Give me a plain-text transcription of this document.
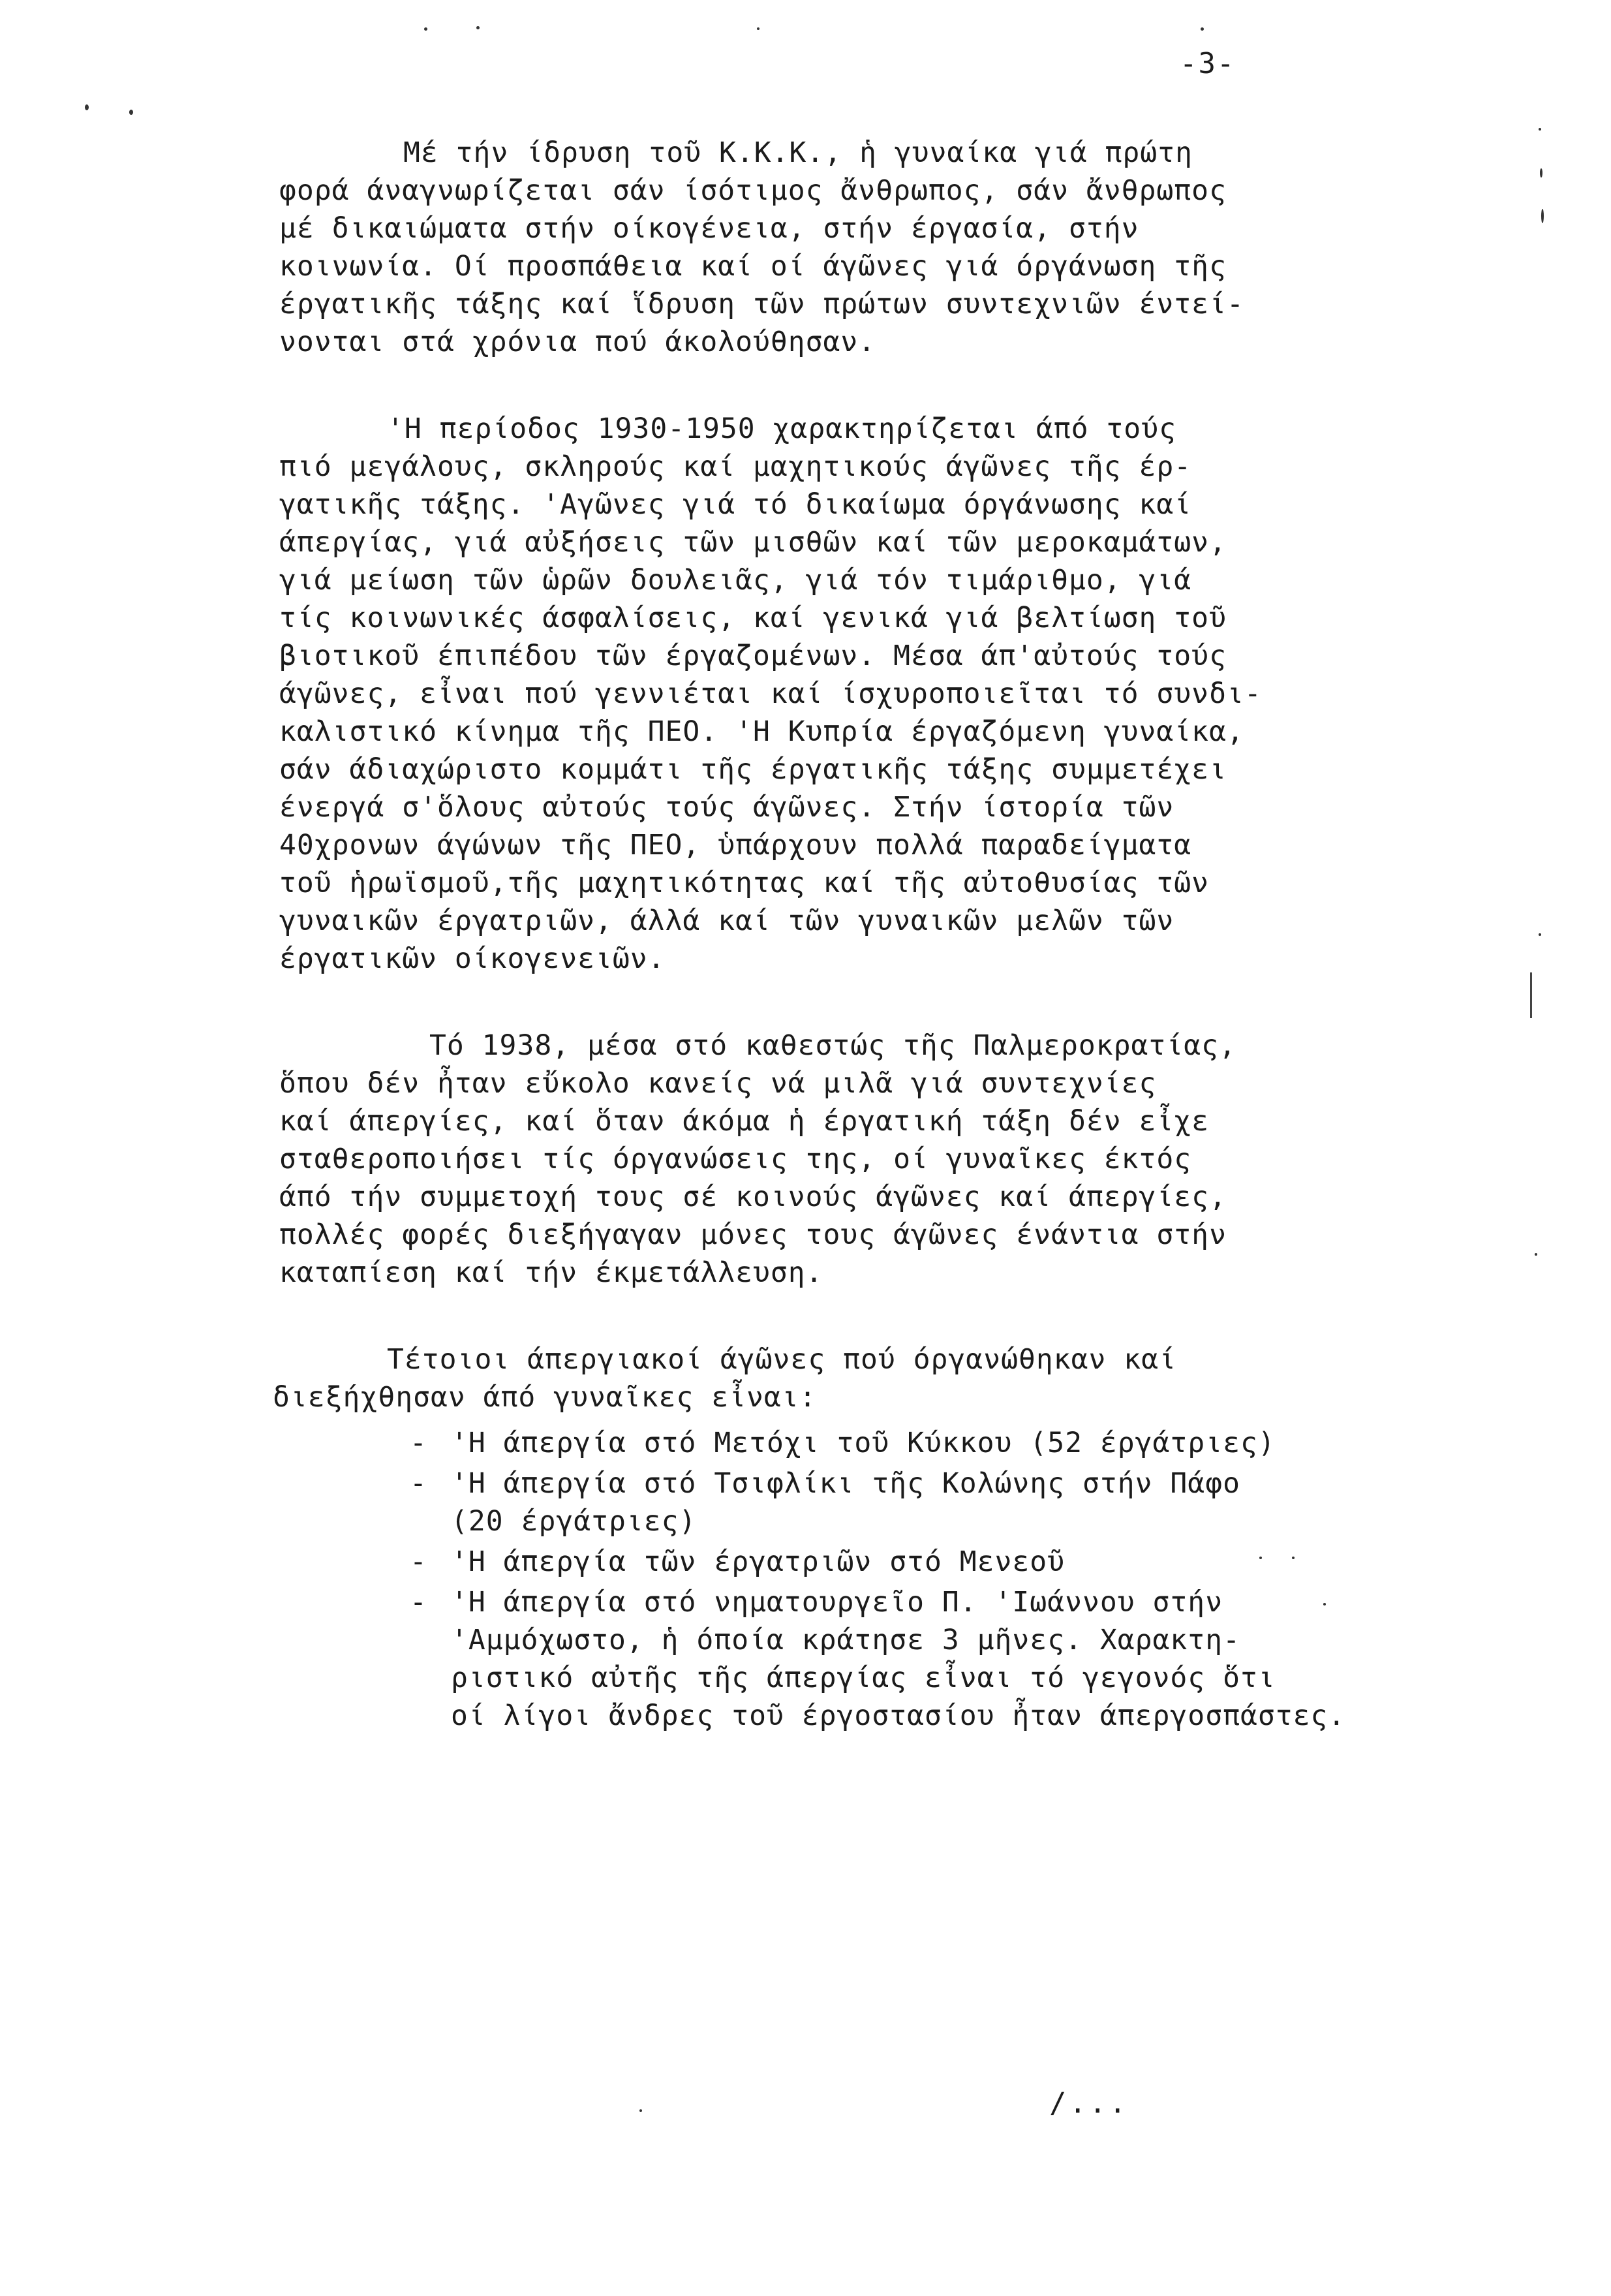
-3-
Μέ τήν ίδρυση τοῦ Κ.Κ.Κ., ἡ γυναίκα γιά πρώτη
φορά άναγνωρίζεται σάν ίσότιμος ἄνθρωπος, σάν ἄνθρωπος
μέ δικαιώματα στήν οίκογένεια, στήν έργασία, στήν
κοινωνία. Οί προσπάθεια καί οί άγῶνες γιά όργάνωση τῆς
έργατικῆς τάξης καί ἵδρυση τῶν πρώτων συντεχνιῶν έντεί-
νονται στά χρόνια πού άκολούθησαν.
'Η περίοδος 1930-1950 χαρακτηρίζεται άπό τούς
πιό μεγάλους, σκληρούς καί μαχητικούς άγῶνες τῆς έρ-
γατικῆς τάξης. 'Αγῶνες γιά τό δικαίωμα όργάνωσης καί
άπεργίας, γιά αὐξήσεις τῶν μισθῶν καί τῶν μεροκαμάτων,
γιά μείωση τῶν ὡρῶν δουλειᾶς, γιά τόν τιμάριθμο, γιά
τίς κοινωνικές άσφαλίσεις, καί γενικά γιά βελτίωση τοῦ
βιοτικοῦ έπιπέδου τῶν έργαζομένων. Μέσα άπ'αὐτούς τούς
άγῶνες, εἶναι πού γεννιέται καί ίσχυροποιεῖται τό συνδι-
καλιστικό κίνημα τῆς ΠΕΟ. 'Η Κυπρία έργαζόμενη γυναίκα,
σάν άδιαχώριστο κομμάτι τῆς έργατικῆς τάξης συμμετέχει
ένεργά σ'ὅλους αὐτούς τούς άγῶνες. Στήν ίστορία τῶν
40χρονων άγώνων τῆς ΠΕΟ, ὑπάρχουν πολλά παραδείγματα
τοῦ ἡρωϊσμοῦ,τῆς μαχητικότητας καί τῆς αὐτοθυσίας τῶν
γυναικῶν έργατριῶν, άλλά καί τῶν γυναικῶν μελῶν τῶν
έργατικῶν οίκογενειῶν.
Τό 1938, μέσα στό καθεστώς τῆς Παλμεροκρατίας,
ὅπου δέν ἦταν εὔκολο κανείς νά μιλᾶ γιά συντεχνίες
καί άπεργίες, καί ὅταν άκόμα ἡ έργατική τάξη δέν εἶχε
σταθεροποιήσει τίς όργανώσεις της, οί γυναῖκες έκτός
άπό τήν συμμετοχή τους σέ κοινούς άγῶνες καί άπεργίες,
πολλές φορές διεξήγαγαν μόνες τους άγῶνες ένάντια στήν
καταπίεση καί τήν έκμετάλλευση.
Τέτοιοι άπεργιακοί άγῶνες πού όργανώθηκαν καί
διεξήχθησαν άπό γυναῖκες εἶναι:
- 'Η άπεργία στό Μετόχι τοῦ Κύκκου (52 έργάτριες)
- 'Η άπεργία στό Τσιφλίκι τῆς Κολώνης στήν Πάφο
(20 έργάτριες)
- 'Η άπεργία τῶν έργατριῶν στό Μενεοῦ
- 'Η άπεργία στό νηματουργεῖο Π. 'Ιωάννου στήν
'Αμμόχωστο, ἡ όποία κράτησε 3 μῆνες. Χαρακτη-
ριστικό αὐτῆς τῆς άπεργίας εἶναι τό γεγονός ὅτι
οί λίγοι ἄνδρες τοῦ έργοστασίου ἦταν άπεργοσπάστες.
/...
